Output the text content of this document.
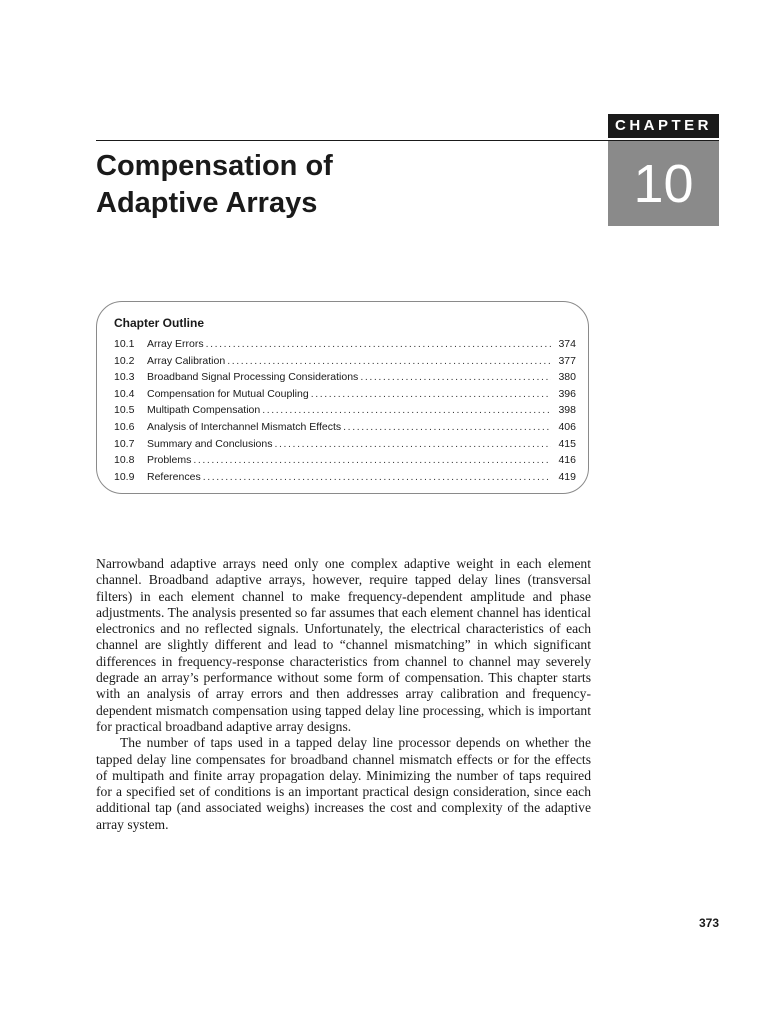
CHAPTER
10
Compensation of
Adaptive Arrays
Chapter Outline
10.1	Array Errors .....	374
10.2	Array Calibration .....	377
10.3	Broadband Signal Processing Considerations .....	380
10.4	Compensation for Mutual Coupling .....	396
10.5	Multipath Compensation .....	398
10.6	Analysis of Interchannel Mismatch Effects .....	406
10.7	Summary and Conclusions .....	415
10.8	Problems .....	416
10.9	References .....	419

Narrowband adaptive arrays need only one complex adaptive weight in each element channel. Broadband adaptive arrays, however, require tapped delay lines (transversal filters) in each element channel to make frequency-dependent amplitude and phase adjustments. The analysis presented so far assumes that each element channel has identical electronics and no reflected signals. Unfortunately, the electrical characteristics of each channel are slightly different and lead to “channel mismatching” in which significant differences in frequency-response characteristics from channel to channel may severely degrade an array’s performance without some form of compensation. This chapter starts with an analysis of array errors and then addresses array calibration and frequency-dependent mismatch compensation using tapped delay line processing, which is important for practical broadband adaptive array designs.

The number of taps used in a tapped delay line processor depends on whether the tapped delay line compensates for broadband channel mismatch effects or for the effects of multipath and finite array propagation delay. Minimizing the number of taps required for a specified set of conditions is an important practical design consideration, since each additional tap (and associated weighs) increases the cost and complexity of the adaptive array system.

373
